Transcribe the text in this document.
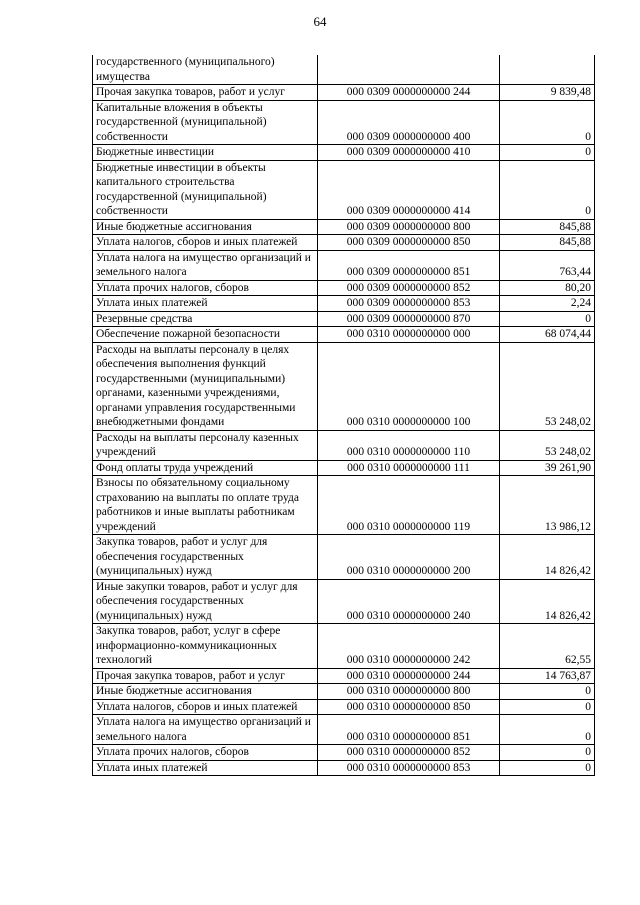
64
государственного (муниципального) имущества		
Прочая закупка товаров, работ и услуг	000 0309 0000000000 244	9 839,48
Капитальные вложения в объекты государственной (муниципальной) собственности	000 0309 0000000000 400	0
Бюджетные инвестиции	000 0309 0000000000 410	0
Бюджетные инвестиции в объекты капитального строительства государственной (муниципальной) собственности	000 0309 0000000000 414	0
Иные бюджетные ассигнования	000 0309 0000000000 800	845,88
Уплата налогов, сборов и иных платежей	000 0309 0000000000 850	845,88
Уплата налога на имущество организаций и земельного налога	000 0309 0000000000 851	763,44
Уплата прочих налогов, сборов	000 0309 0000000000 852	80,20
Уплата иных платежей	000 0309 0000000000 853	2,24
Резервные средства	000 0309 0000000000 870	0
Обеспечение пожарной безопасности	000 0310 0000000000 000	68 074,44
Расходы на выплаты персоналу в целях обеспечения выполнения функций государственными (муниципальными) органами, казенными учреждениями, органами управления государственными внебюджетными фондами	000 0310 0000000000 100	53 248,02
Расходы на выплаты персоналу казенных учреждений	000 0310 0000000000 110	53 248,02
Фонд оплаты труда учреждений	000 0310 0000000000 111	39 261,90
Взносы по обязательному социальному страхованию на выплаты по оплате труда работников и иные выплаты работникам учреждений	000 0310 0000000000 119	13 986,12
Закупка товаров, работ и услуг для обеспечения государственных (муниципальных) нужд	000 0310 0000000000 200	14 826,42
Иные закупки товаров, работ и услуг для обеспечения государственных (муниципальных) нужд	000 0310 0000000000 240	14 826,42
Закупка товаров, работ, услуг в сфере информационно-коммуникационных технологий	000 0310 0000000000 242	62,55
Прочая закупка товаров, работ и услуг	000 0310 0000000000 244	14 763,87
Иные бюджетные ассигнования	000 0310 0000000000 800	0
Уплата налогов, сборов и иных платежей	000 0310 0000000000 850	0
Уплата налога на имущество организаций и земельного налога	000 0310 0000000000 851	0
Уплата прочих налогов, сборов	000 0310 0000000000 852	0
Уплата иных платежей	000 0310 0000000000 853	0
